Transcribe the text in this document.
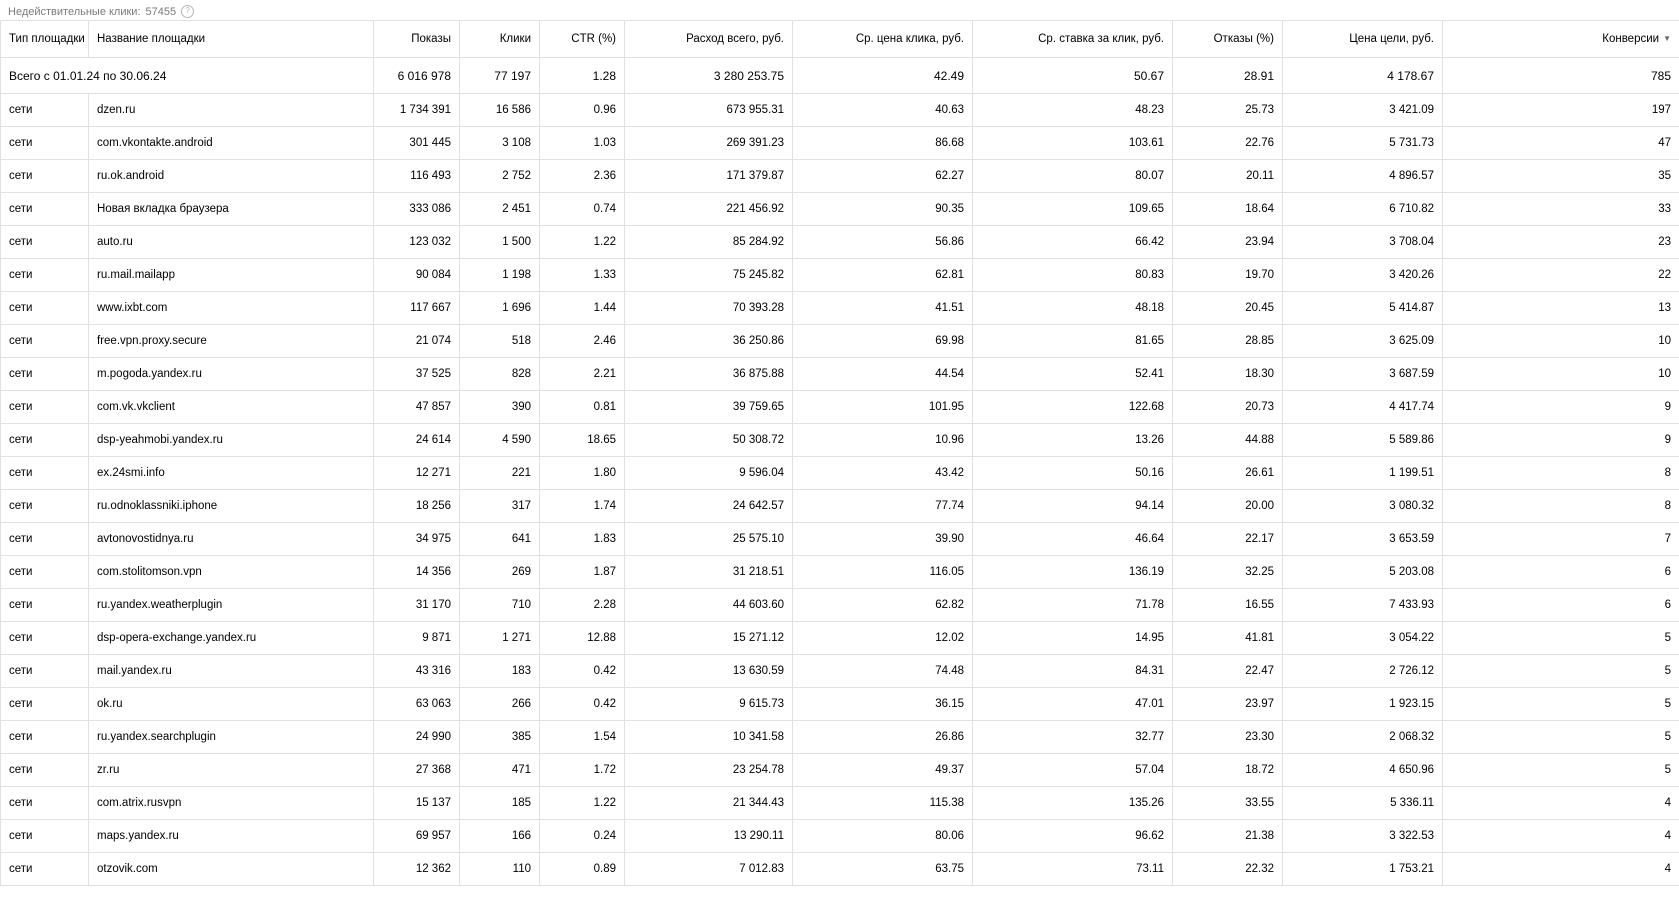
Недействительные клики: 57455	?
Всего с 01.01.24 по 30.06.24		6 016 978	77 197	1.28	3 280 253.75	42.49	50.67	28.91	4 178.67	785
Тип площадки	Название площадки	Показы	Клики	CTR (%)	Расход всего, руб.	Ср. цена клика, руб.	Ср. ставка за клик, руб.	Отказы (%)	Цена цели, руб.	Конверсии ▼
сети	dzen.ru	1 734 391	16 586	0.96	673 955.31	40.63	48.23	25.73	3 421.09	197
сети	com.vkontakte.android	301 445	3 108	1.03	269 391.23	86.68	103.61	22.76	5 731.73	47
сети	ru.ok.android	116 493	2 752	2.36	171 379.87	62.27	80.07	20.11	4 896.57	35
сети	Новая вкладка браузера	333 086	2 451	0.74	221 456.92	90.35	109.65	18.64	6 710.82	33
сети	auto.ru	123 032	1 500	1.22	85 284.92	56.86	66.42	23.94	3 708.04	23
сети	ru.mail.mailapp	90 084	1 198	1.33	75 245.82	62.81	80.83	19.70	3 420.26	22
сети	www.ixbt.com	117 667	1 696	1.44	70 393.28	41.51	48.18	20.45	5 414.87	13
сети	free.vpn.proxy.secure	21 074	518	2.46	36 250.86	69.98	81.65	28.85	3 625.09	10
сети	m.pogoda.yandex.ru	37 525	828	2.21	36 875.88	44.54	52.41	18.30	3 687.59	10
сети	com.vk.vkclient	47 857	390	0.81	39 759.65	101.95	122.68	20.73	4 417.74	9
сети	dsp-yeahmobi.yandex.ru	24 614	4 590	18.65	50 308.72	10.96	13.26	44.88	5 589.86	9
сети	ex.24smi.info	12 271	221	1.80	9 596.04	43.42	50.16	26.61	1 199.51	8
сети	ru.odnoklassniki.iphone	18 256	317	1.74	24 642.57	77.74	94.14	20.00	3 080.32	8
сети	avtonovostidnya.ru	34 975	641	1.83	25 575.10	39.90	46.64	22.17	3 653.59	7
сети	com.stolitomson.vpn	14 356	269	1.87	31 218.51	116.05	136.19	32.25	5 203.08	6
сети	ru.yandex.weatherplugin	31 170	710	2.28	44 603.60	62.82	71.78	16.55	7 433.93	6
сети	dsp-opera-exchange.yandex.ru	9 871	1 271	12.88	15 271.12	12.02	14.95	41.81	3 054.22	5
сети	mail.yandex.ru	43 316	183	0.42	13 630.59	74.48	84.31	22.47	2 726.12	5
сети	ok.ru	63 063	266	0.42	9 615.73	36.15	47.01	23.97	1 923.15	5
сети	ru.yandex.searchplugin	24 990	385	1.54	10 341.58	26.86	32.77	23.30	2 068.32	5
сети	zr.ru	27 368	471	1.72	23 254.78	49.37	57.04	18.72	4 650.96	5
сети	com.atrix.rusvpn	15 137	185	1.22	21 344.43	115.38	135.26	33.55	5 336.11	4
сети	maps.yandex.ru	69 957	166	0.24	13 290.11	80.06	96.62	21.38	3 322.53	4
сети	otzovik.com	12 362	110	0.89	7 012.83	63.75	73.11	22.32	1 753.21	4
